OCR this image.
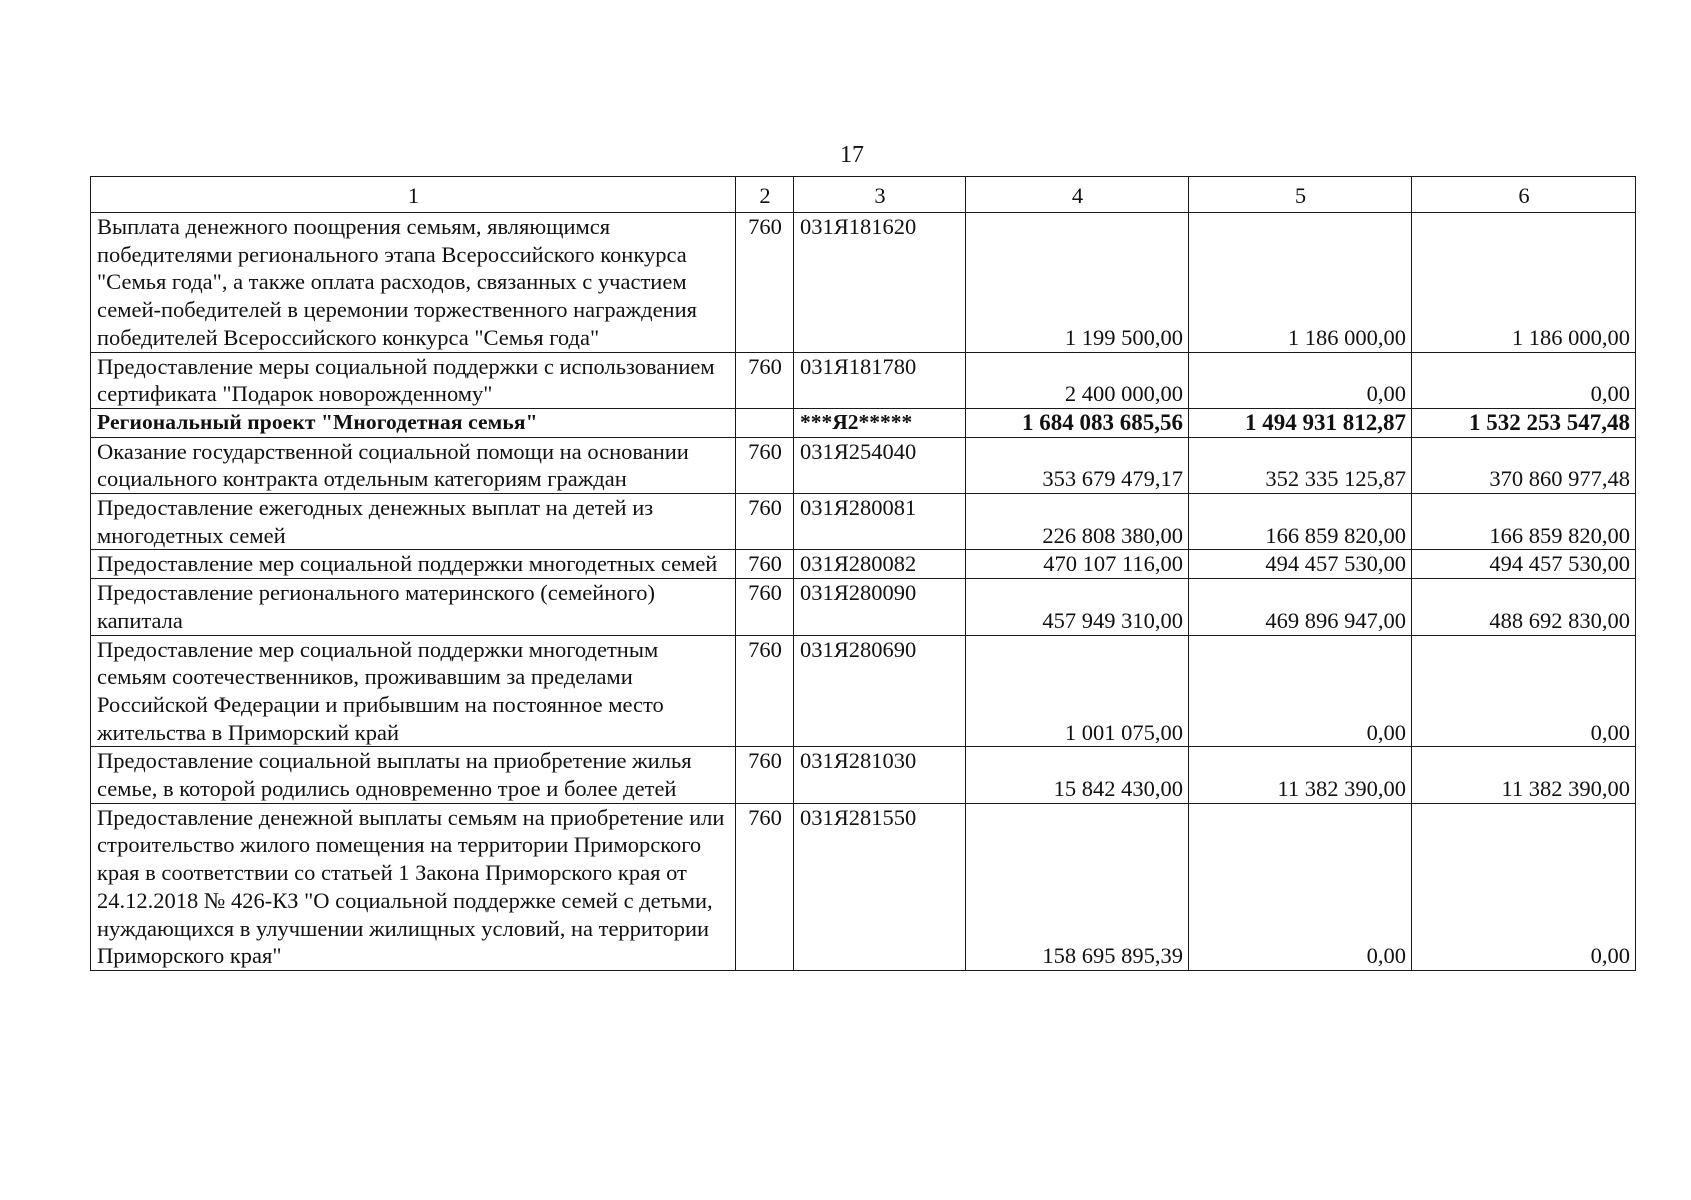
17
1	2	3	4	5	6
Выплата денежного поощрения семьям, являющимся победителями регионального этапа Всероссийского конкурса "Семья года", а также оплата расходов, связанных с участием семей-победителей в церемонии торжественного награждения победителей Всероссийского конкурса "Семья года"	760	031Я181620	1 199 500,00	1 186 000,00	1 186 000,00
Предоставление меры социальной поддержки с использованием сертификата "Подарок новорожденному"	760	031Я181780	2 400 000,00	0,00	0,00
Региональный проект "Многодетная семья"		***Я2*****	1 684 083 685,56	1 494 931 812,87	1 532 253 547,48
Оказание государственной социальной помощи на основании социального контракта отдельным категориям граждан	760	031Я254040	353 679 479,17	352 335 125,87	370 860 977,48
Предоставление ежегодных денежных выплат на детей из многодетных семей	760	031Я280081	226 808 380,00	166 859 820,00	166 859 820,00
Предоставление мер социальной поддержки многодетных семей	760	031Я280082	470 107 116,00	494 457 530,00	494 457 530,00
Предоставление регионального материнского (семейного) капитала	760	031Я280090	457 949 310,00	469 896 947,00	488 692 830,00
Предоставление мер социальной поддержки многодетным семьям соотечественников, проживавшим за пределами Российской Федерации и прибывшим на постоянное место жительства в Приморский край	760	031Я280690	1 001 075,00	0,00	0,00
Предоставление социальной выплаты на приобретение жилья семье, в которой родились одновременно трое и более детей	760	031Я281030	15 842 430,00	11 382 390,00	11 382 390,00
Предоставление денежной выплаты семьям на приобретение или строительство жилого помещения на территории Приморского края в соответствии со статьей 1 Закона Приморского края от 24.12.2018 № 426-КЗ "О социальной поддержке семей с детьми, нуждающихся в улучшении жилищных условий, на территории Приморского края"	760	031Я281550	158 695 895,39	0,00	0,00
